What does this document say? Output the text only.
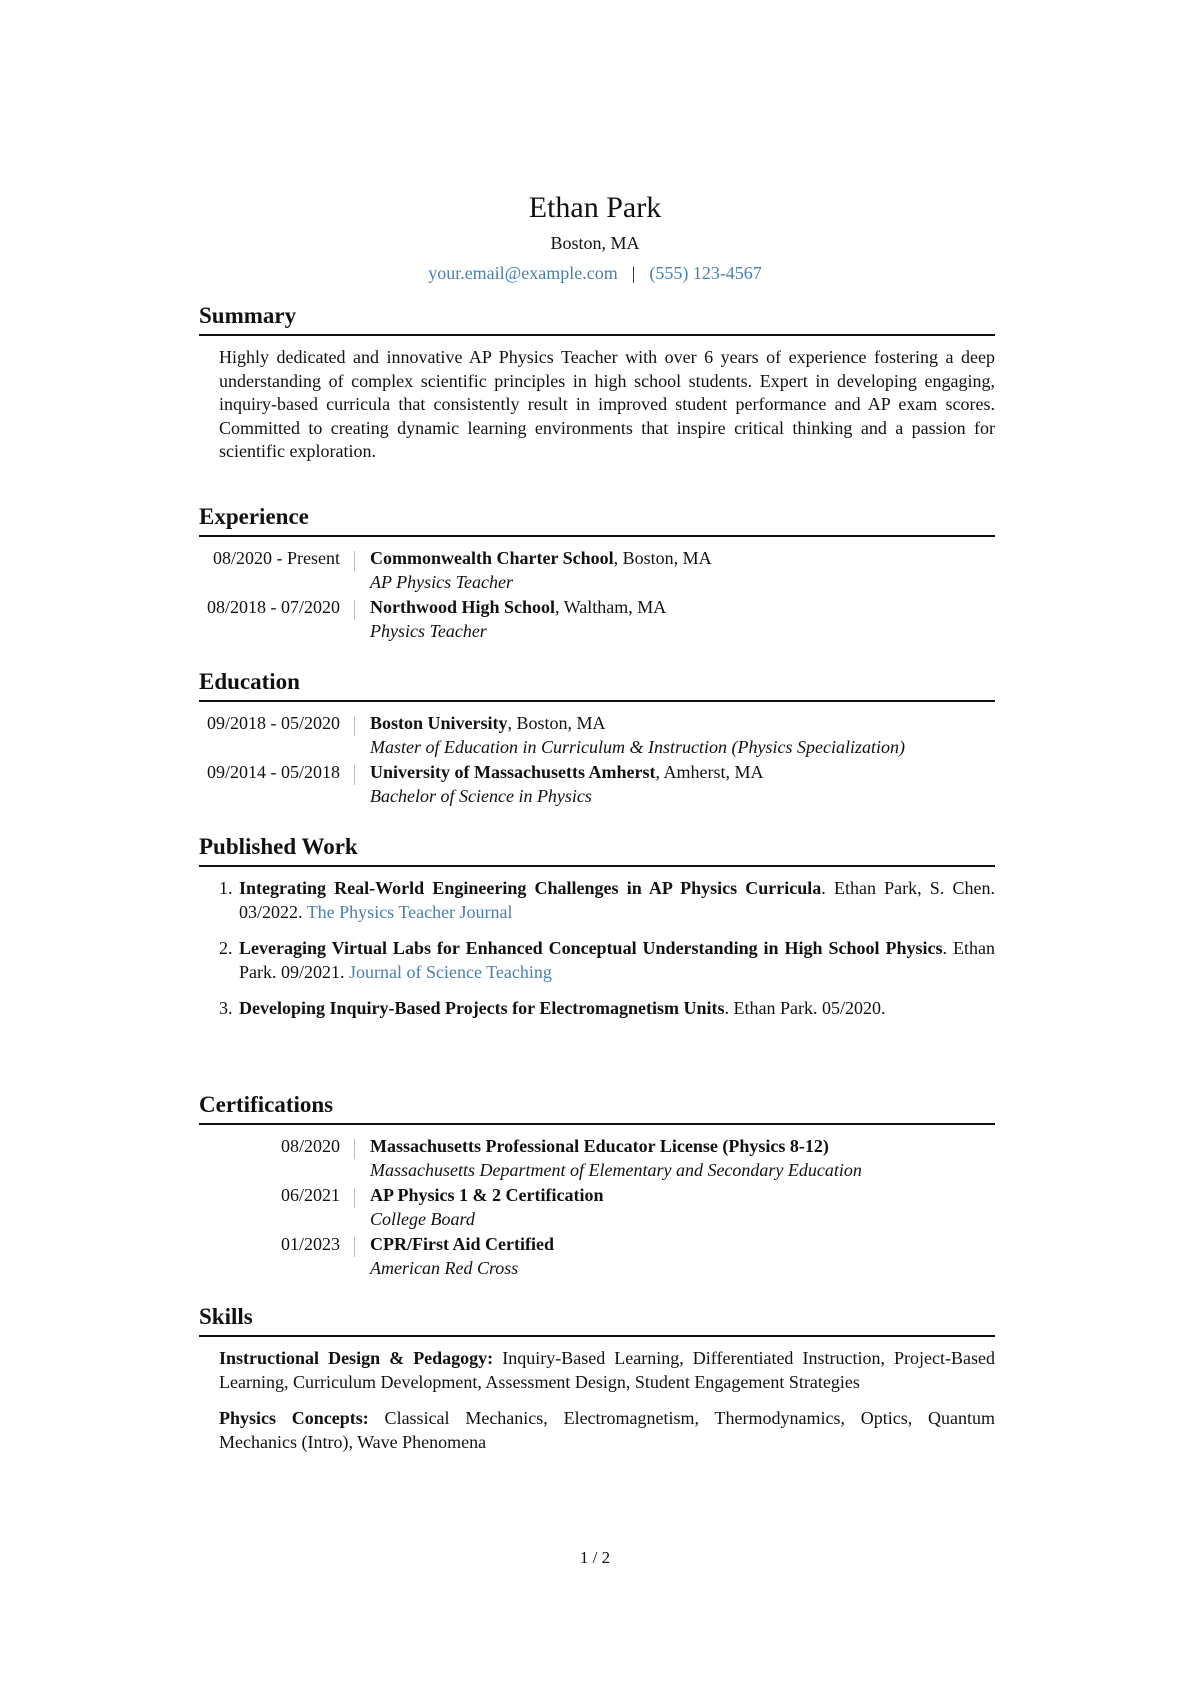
Ethan Park
Boston, MA
your.email@example.com | (555) 123-4567
Summary
Highly dedicated and innovative AP Physics Teacher with over 6 years of experience fostering a deep understanding of complex scientific principles in high school students. Expert in developing engaging, inquiry-based curricula that consistently result in improved student performance and AP exam scores. Committed to creating dynamic learning environments that inspire critical thinking and a passion for scientific exploration.
Experience
08/2020 - Present	Commonwealth Charter School, Boston, MA
AP Physics Teacher
08/2018 - 07/2020	Northwood High School, Waltham, MA
Physics Teacher
Education
09/2018 - 05/2020	Boston University, Boston, MA
Master of Education in Curriculum & Instruction (Physics Specialization)
09/2014 - 05/2018	University of Massachusetts Amherst, Amherst, MA
Bachelor of Science in Physics
Published Work
1. Integrating Real-World Engineering Challenges in AP Physics Curricula. Ethan Park, S. Chen. 03/2022. The Physics Teacher Journal
2. Leveraging Virtual Labs for Enhanced Conceptual Understanding in High School Physics. Ethan Park. 09/2021. Journal of Science Teaching
3. Developing Inquiry-Based Projects for Electromagnetism Units. Ethan Park. 05/2020.
Certifications
08/2020	Massachusetts Professional Educator License (Physics 8-12)
Massachusetts Department of Elementary and Secondary Education
06/2021	AP Physics 1 & 2 Certification
College Board
01/2023	CPR/First Aid Certified
American Red Cross
Skills
Instructional Design & Pedagogy: Inquiry-Based Learning, Differentiated Instruction, Project-Based Learning, Curriculum Development, Assessment Design, Student Engagement Strategies
Physics Concepts: Classical Mechanics, Electromagnetism, Thermodynamics, Optics, Quantum Mechanics (Intro), Wave Phenomena
1 / 2
